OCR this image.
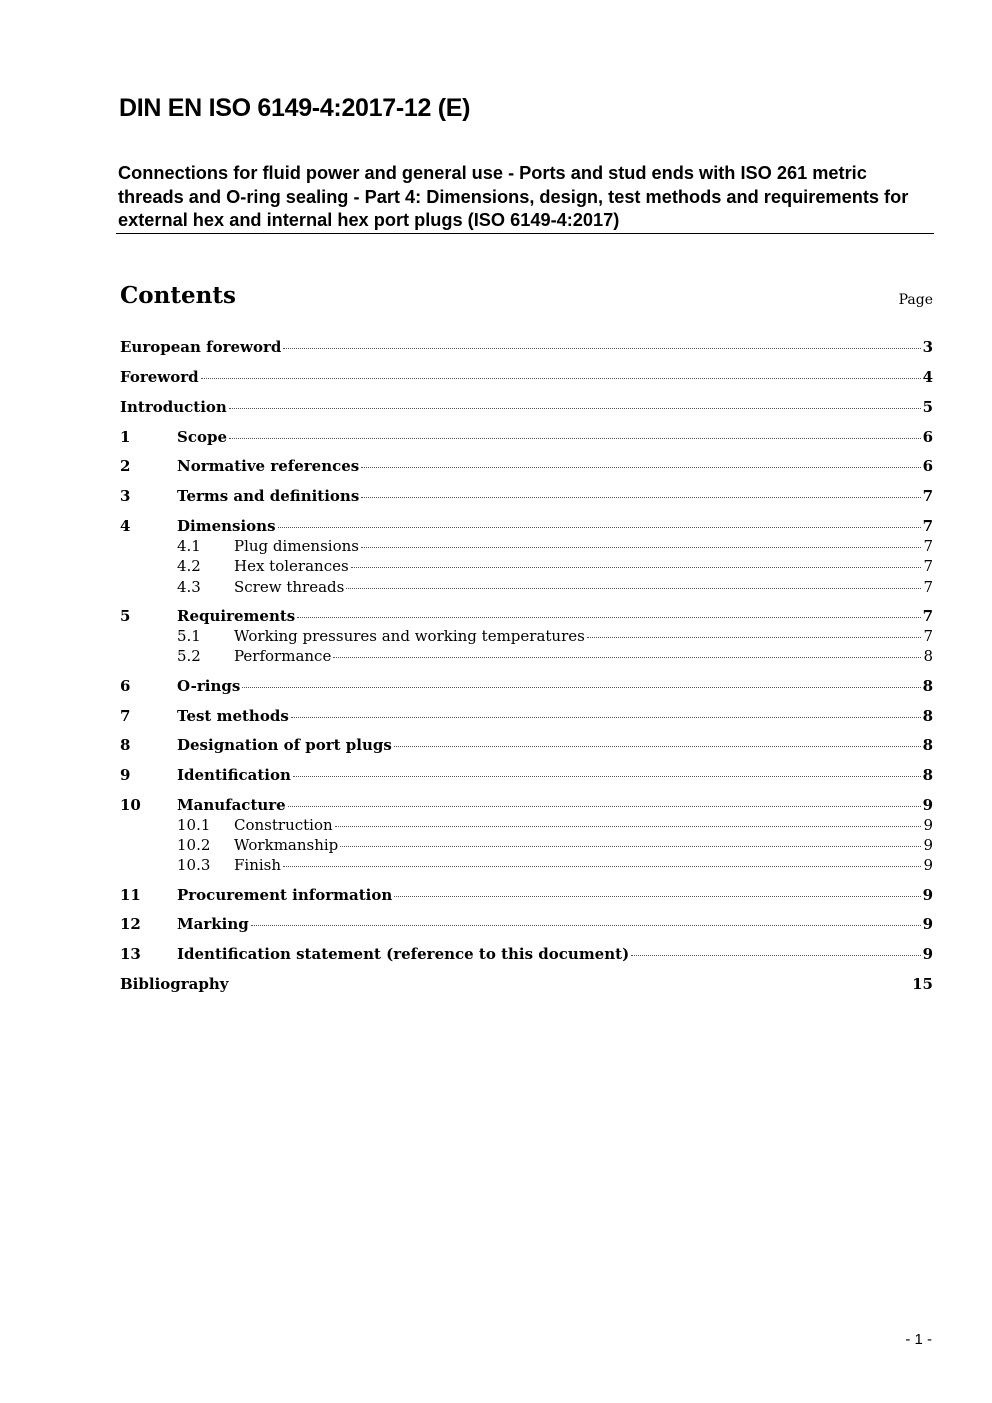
DIN EN ISO 6149-4:2017-12 (E)
Connections for fluid power and general use - Ports and stud ends with ISO 261 metric threads and O-ring sealing - Part 4: Dimensions, design, test methods and requirements for external hex and internal hex port plugs (ISO 6149-4:2017)
Contents	Page
European foreword	3
Foreword	4
Introduction	5
1	Scope	6
2	Normative references	6
3	Terms and definitions	7
4	Dimensions	7
4.1	Plug dimensions	7
4.2	Hex tolerances	7
4.3	Screw threads	7
5	Requirements	7
5.1	Working pressures and working temperatures	7
5.2	Performance	8
6	O-rings	8
7	Test methods	8
8	Designation of port plugs	8
9	Identification	8
10	Manufacture	9
10.1	Construction	9
10.2	Workmanship	9
10.3	Finish	9
11	Procurement information	9
12	Marking	9
13	Identification statement (reference to this document)	9
Bibliography	15
- 1 -
